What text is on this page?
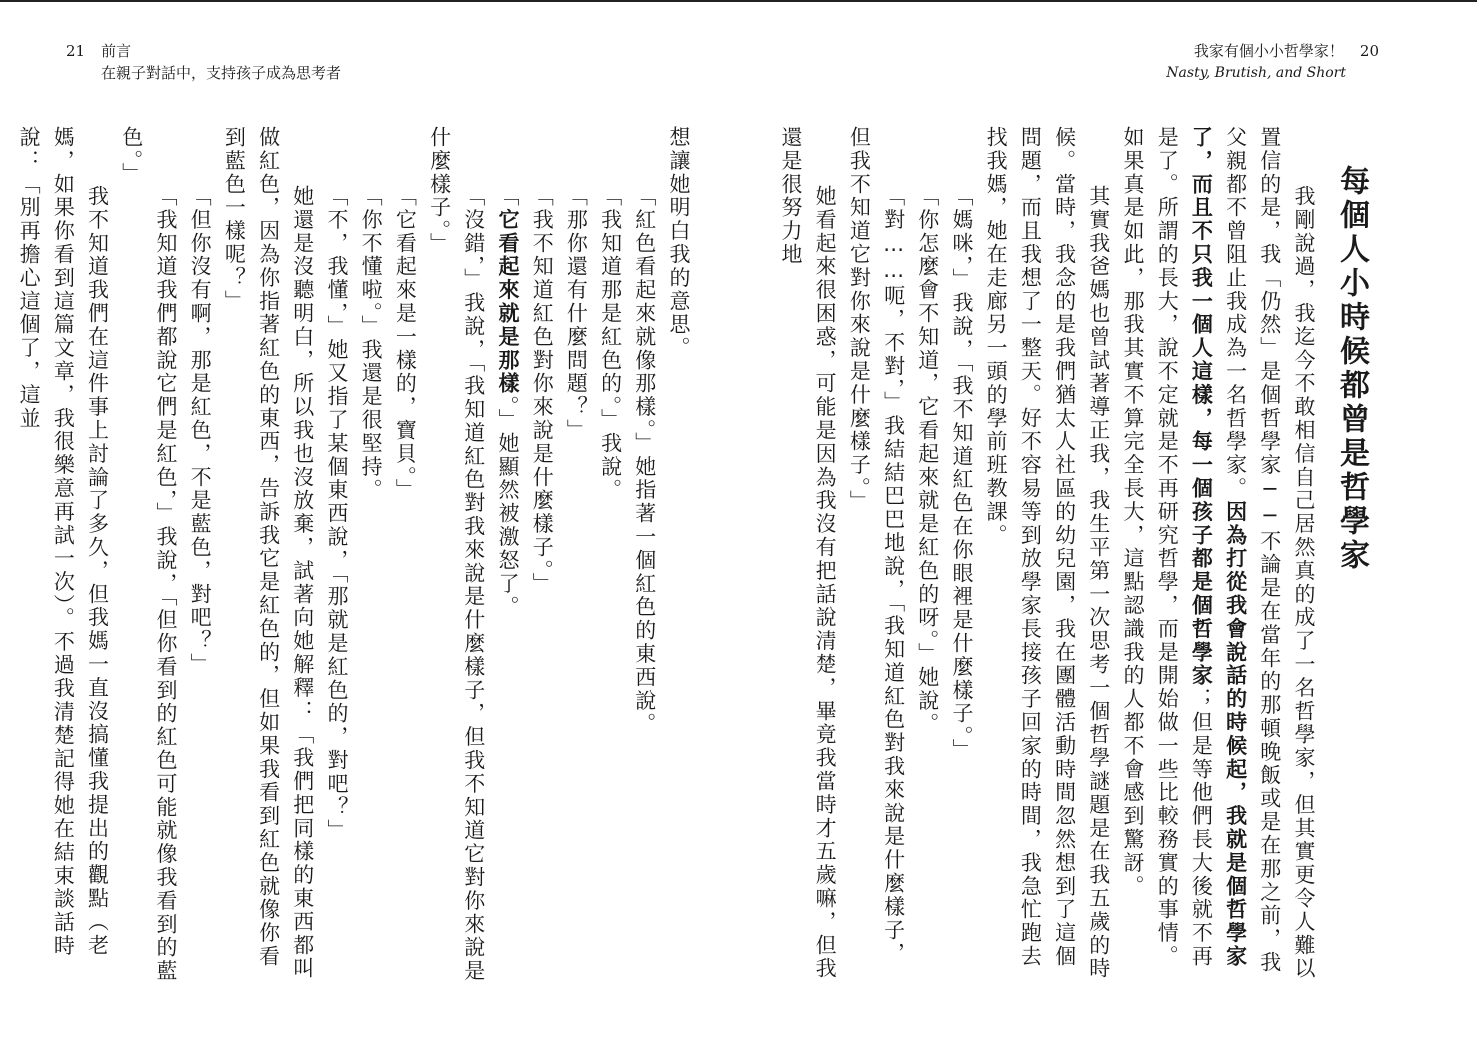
21 前言
在親子對話中，支持孩子成為思考者

想讓她明白我的意思。

「紅色看起來就像那樣。」她指著一個紅色的東西說。

「我知道那是紅色的。」我說。

「那你還有什麼問題？」

「我不知道紅色對你來說是什麼樣子。」

「它看起來就是那樣。」她顯然被激怒了。

「沒錯，」我說，「我知道紅色對我來說是什麼樣子，但我不知道它對你來說是什麼樣子。」

「它看起來是一樣的，寶貝。」

「你不懂啦。」我還是很堅持。

「不，我懂，」她又指了某個東西說，「那就是紅色的，對吧？」

她還是沒聽明白，所以我也沒放棄，試著向她解釋：「我們把同樣的東西都叫做紅色，因為你指著紅色的東西，告訴我它是紅色的，但如果我看到紅色就像你看到藍色一樣呢？」

「但你沒有啊，那是紅色，不是藍色，對吧？」

「我知道我們都說它們是紅色，」我說，「但你看到的紅色可能就像我看到的藍色。」

我不知道我們在這件事上討論了多久，但我媽一直沒搞懂我提出的觀點（老媽，如果你看到這篇文章，我很樂意再試一次）。不過我清楚記得她在結束談話時說：「別再擔心這個了，這並

我家有個小小哲學家！ 20
Nasty, Brutish, and Short
每個人小時候都曾是哲學家

我剛說過，我迄今不敢相信自己居然真的成了一名哲學家，但其實更令人難以置信的是，我「仍然」是個哲學家──不論是在當年的那頓晚飯或是在那之前，我父親都不曾阻止我成為一名哲學家。因為打從我會說話的時候起，我就是個哲學家了，而且不只我一個人這樣，每一個孩子都是個哲學家；但是等他們長大後就不再是了。所謂的長大，說不定就是不再研究哲學，而是開始做一些比較務實的事情。如果真是如此，那我其實不算完全長大，這點認識我的人都不會感到驚訝。

其實我爸媽也曾試著導正我，我生平第一次思考一個哲學謎題是在我五歲的時候。當時，我念的是我們猶太人社區的幼兒園，我在團體活動時間忽然想到了這個問題，而且我想了一整天。好不容易等到放學家長接孩子回家的時間，我急忙跑去找我媽，她在走廊另一頭的學前班教課。

「媽咪，」我說，「我不知道紅色在你眼裡是什麼樣子。」

「你怎麼會不知道，它看起來就是紅色的呀。」她說。

「對……呃，不對，」我結結巴巴地說，「我知道紅色對我來說是什麼樣子，但我不知道它對你來說是什麼樣子。」

她看起來很困惑，可能是因為我沒有把話說清楚，畢竟我當時才五歲嘛，但我還是很努力地
